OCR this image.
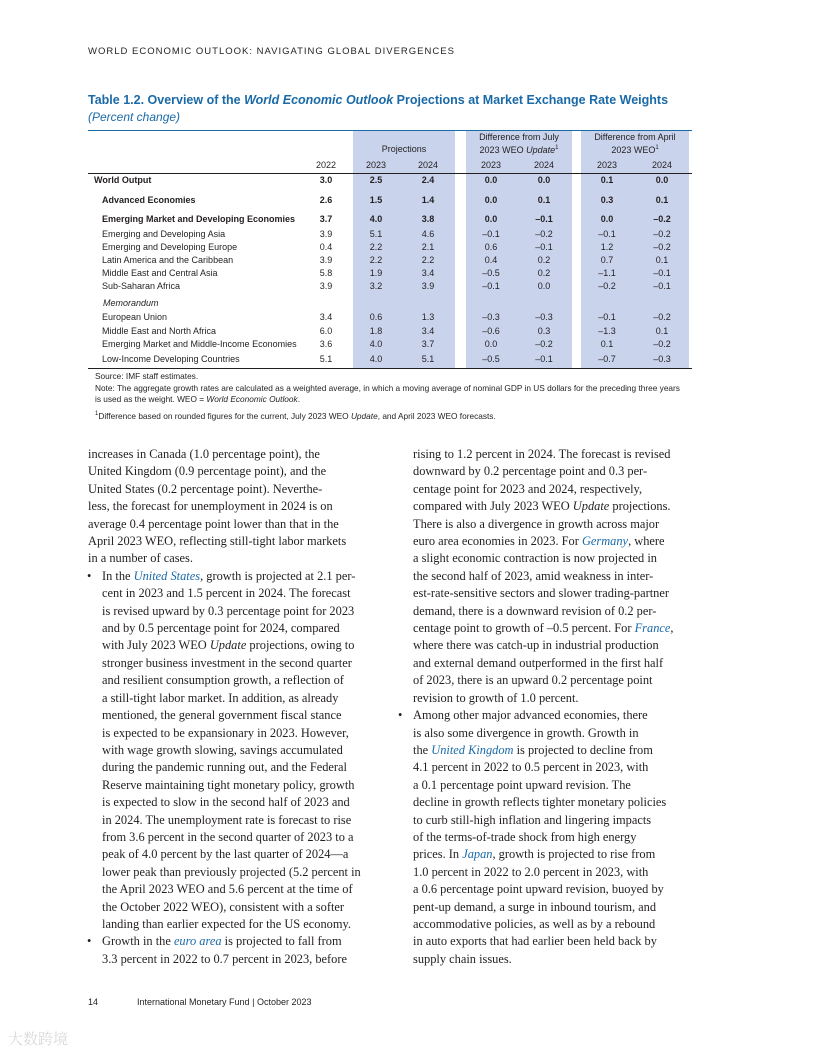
WORLD ECONOMIC OUTLOOK: NAVIGATING GLOBAL DIVERGENCES
Table 1.2. Overview of the World Economic Outlook Projections at Market Exchange Rate Weights
(Percent change)
Projections
Difference from July
2023 WEO Update$^1$
Difference from April
2023 WEO$^1$
2022	2023	2024	2023	2024	2023	2024
Memorandum
World Output	3.0	2.5	2.4	0.0	0.0	0.1	0.0
Advanced Economies	2.6	1.5	1.4	0.0	0.1	0.3	0.1
Emerging Market and Developing Economies	3.7	4.0	3.8	0.0	–0.1	0.0	–0.2
Emerging and Developing Asia	3.9	5.1	4.6	–0.1	–0.2	–0.1	–0.2
Emerging and Developing Europe	0.4	2.2	2.1	0.6	–0.1	1.2	–0.2
Latin America and the Caribbean	3.9	2.2	2.2	0.4	0.2	0.7	0.1
Middle East and Central Asia	5.8	1.9	3.4	–0.5	0.2	–1.1	–0.1
Sub-Saharan Africa	3.9	3.2	3.9	–0.1	0.0	–0.2	–0.1
European Union	3.4	0.6	1.3	–0.3	–0.3	–0.1	–0.2
Middle East and North Africa	6.0	1.8	3.4	–0.6	0.3	–1.3	0.1
Emerging Market and Middle-Income Economies	3.6	4.0	3.7	0.0	–0.2	0.1	–0.2
Low-Income Developing Countries	5.1	4.0	5.1	–0.5	–0.1	–0.7	–0.3
Source: IMF staff estimates.
Note: The aggregate growth rates are calculated as a weighted average, in which a moving average of nominal GDP in US dollars for the preceding three years
is used as the weight. WEO = World Economic Outlook.
$^1$Difference based on rounded figures for the current, July 2023 WEO Update, and April 2023 WEO forecasts.
increases in Canada (1.0 percentage point), the
United Kingdom (0.9 percentage point), and the
United States (0.2 percentage point). Neverthe-
less, the forecast for unemployment in 2024 is on
average 0.4 percentage point lower than that in the
April 2023 WEO, reflecting still-tight labor markets
in a number of cases.
• In the United States, growth is projected at 2.1 per-
cent in 2023 and 1.5 percent in 2024. The forecast
is revised upward by 0.3 percentage point for 2023
and by 0.5 percentage point for 2024, compared
with July 2023 WEO Update projections, owing to
stronger business investment in the second quarter
and resilient consumption growth, a reflection of
a still-tight labor market. In addition, as already
mentioned, the general government fiscal stance
is expected to be expansionary in 2023. However,
with wage growth slowing, savings accumulated
during the pandemic running out, and the Federal
Reserve maintaining tight monetary policy, growth
is expected to slow in the second half of 2023 and
in 2024. The unemployment rate is forecast to rise
from 3.6 percent in the second quarter of 2023 to a
peak of 4.0 percent by the last quarter of 2024—a
lower peak than previously projected (5.2 percent in
the April 2023 WEO and 5.6 percent at the time of
the October 2022 WEO), consistent with a softer
landing than earlier expected for the US economy.
• Growth in the euro area is projected to fall from
3.3 percent in 2022 to 0.7 percent in 2023, before
rising to 1.2 percent in 2024. The forecast is revised
downward by 0.2 percentage point and 0.3 per-
centage point for 2023 and 2024, respectively,
compared with July 2023 WEO Update projections.
There is also a divergence in growth across major
euro area economies in 2023. For Germany, where
a slight economic contraction is now projected in
the second half of 2023, amid weakness in inter-
est-rate-sensitive sectors and slower trading-partner
demand, there is a downward revision of 0.2 per-
centage point to growth of –0.5 percent. For France,
where there was catch-up in industrial production
and external demand outperformed in the first half
of 2023, there is an upward 0.2 percentage point
revision to growth of 1.0 percent.
• Among other major advanced economies, there
is also some divergence in growth. Growth in
the United Kingdom is projected to decline from
4.1 percent in 2022 to 0.5 percent in 2023, with
a 0.1 percentage point upward revision. The
decline in growth reflects tighter monetary policies
to curb still-high inflation and lingering impacts
of the terms-of-trade shock from high energy
prices. In Japan, growth is projected to rise from
1.0 percent in 2022 to 2.0 percent in 2023, with
a 0.6 percentage point upward revision, buoyed by
pent-up demand, a surge in inbound tourism, and
accommodative policies, as well as by a rebound
in auto exports that had earlier been held back by
supply chain issues.
14	International Monetary Fund | October 2023
大数跨境
